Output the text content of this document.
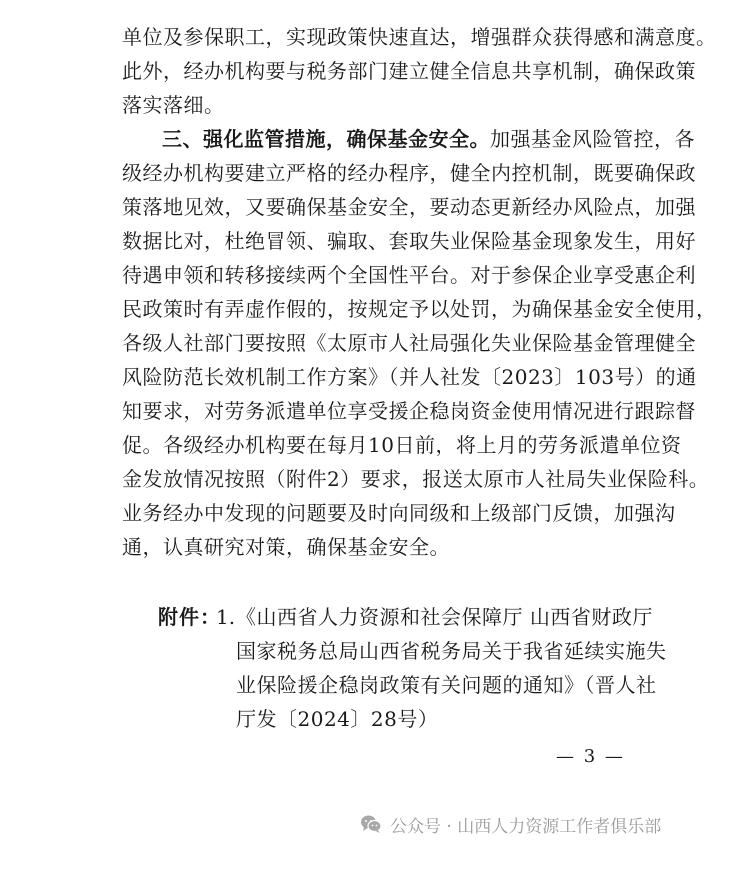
单位及参保职工，实现政策快速直达，增强群众获得感和满意度。
此外，经办机构要与税务部门建立健全信息共享机制，确保政策
落实落细。
三、强化监管措施，确保基金安全。加强基金风险管控，各
级经办机构要建立严格的经办程序，健全内控机制，既要确保政
策落地见效，又要确保基金安全，要动态更新经办风险点，加强
数据比对，杜绝冒领、骗取、套取失业保险基金现象发生，用好
待遇申领和转移接续两个全国性平台。对于参保企业享受惠企利
民政策时有弄虚作假的，按规定予以处罚，为确保基金安全使用，
各级人社部门要按照《太原市人社局强化失业保险基金管理健全
风险防范长效机制工作方案》（并人社发〔2023〕103号）的通
知要求，对劳务派遣单位享受援企稳岗资金使用情况进行跟踪督
促。各级经办机构要在每月10日前，将上月的劳务派遣单位资
金发放情况按照（附件2）要求，报送太原市人社局失业保险科。
业务经办中发现的问题要及时向同级和上级部门反馈，加强沟
通，认真研究对策，确保基金安全。
附件：
1. 《山西省人力资源和社会保障厅 山西省财政厅
国家税务总局山西省税务局关于我省延续实施失
业保险援企稳岗政策有关问题的通知》（晋人社
厅发〔2024〕28号）
— 3 —
公众号 · 山西人力资源工作者俱乐部
